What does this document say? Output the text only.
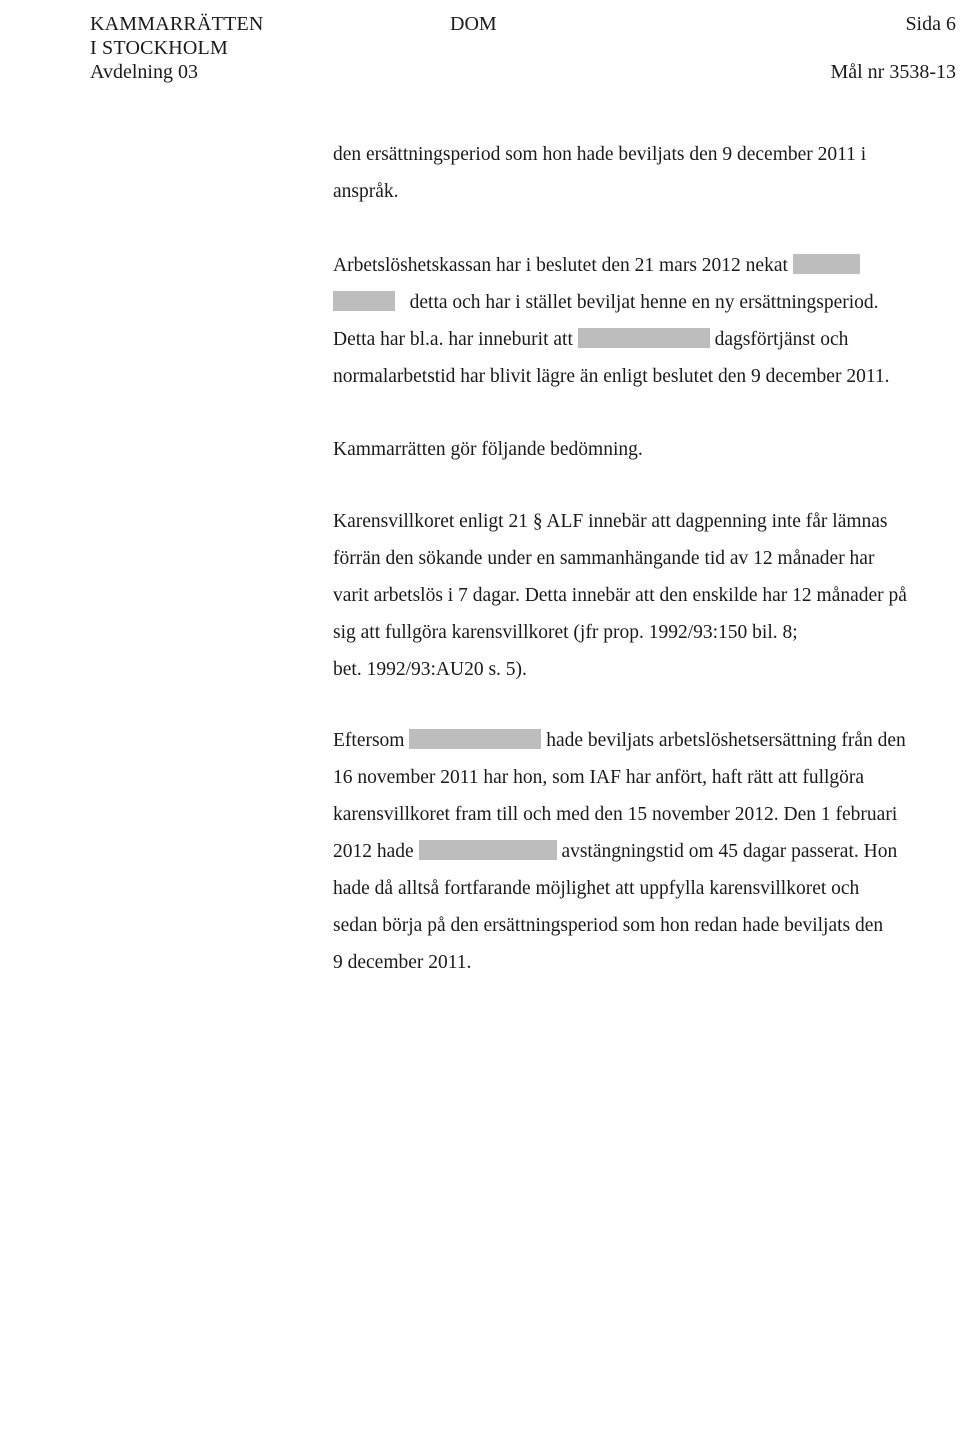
KAMMARRÄTTEN
I STOCKHOLM
Avdelning 03
DOM	Sida 6
Mål nr 3538-13
den ersättningsperiod som hon hade beviljats den 9 december 2011 i
anspråk.
Arbetslöshetskassan har i beslutet den 21 mars 2012 nekat
detta och har i stället beviljat henne en ny ersättningsperiod.
Detta har bl.a. har inneburit att	dagsförtjänst och
normalarbetstid har blivit lägre än enligt beslutet den 9 december 2011.
Kammarrätten gör följande bedömning.
Karensvillkoret enligt 21 § ALF innebär att dagpenning inte får lämnas
förrän den sökande under en sammanhängande tid av 12 månader har
varit arbetslös i 7 dagar. Detta innebär att den enskilde har 12 månader på
sig att fullgöra karensvillkoret (jfr prop. 1992/93:150 bil. 8;
bet. 1992/93:AU20 s. 5).
Eftersom	hade beviljats arbetslöshetsersättning från den
16 november 2011 har hon, som IAF har anfört, haft rätt att fullgöra
karensvillkoret fram till och med den 15 november 2012. Den 1 februari
2012 hade	avstängningstid om 45 dagar passerat. Hon
hade då alltså fortfarande möjlighet att uppfylla karensvillkoret och
sedan börja på den ersättningsperiod som hon redan hade beviljats den
9 december 2011.
